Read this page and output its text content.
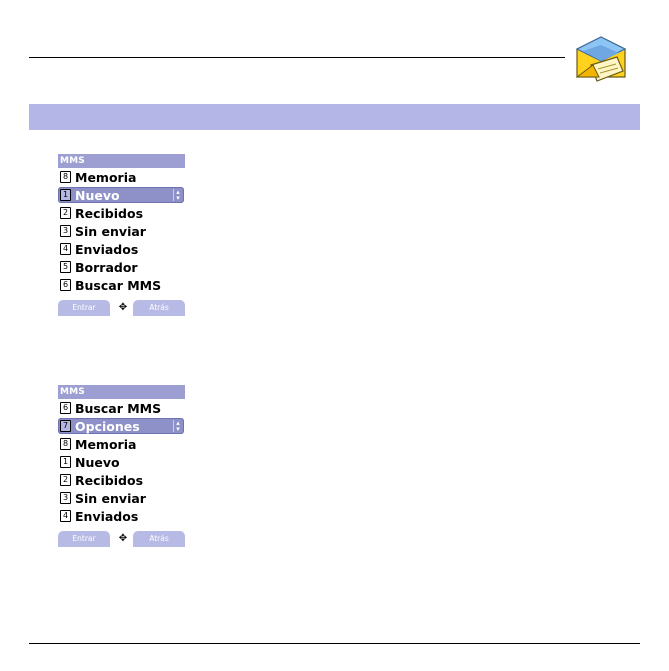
MMS
8 Memoria
1 Nuevo	▴
▾
2 Recibidos
3 Sin enviar
4 Enviados
5 Borrador
6 Buscar MMS
Entrar	✥	Atrás
MMS
6 Buscar MMS
7 Opciones	▴
▾
8 Memoria
1 Nuevo
2 Recibidos
3 Sin enviar
4 Enviados
Entrar	✥	Atrás
